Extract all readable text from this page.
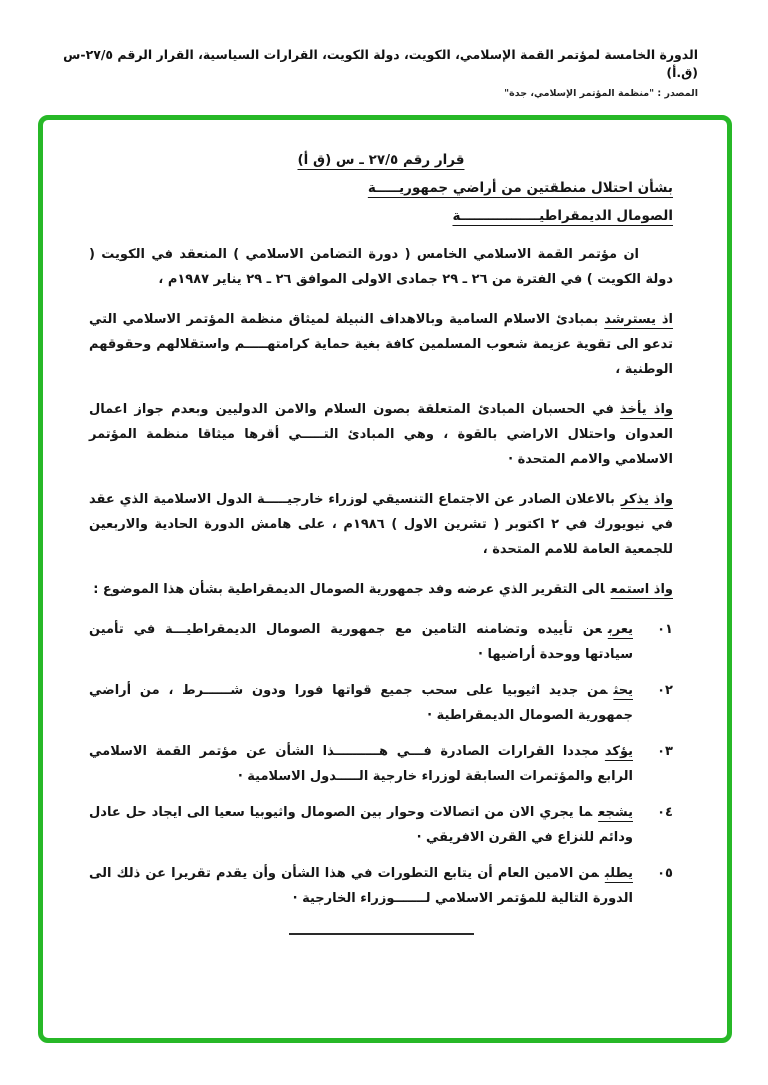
الدورة الخامسة لمؤتمر القمة الإسلامي، الكويت، دولة الكويت، القرارات السياسية، القرار الرقم ٢٧/٥-س (ق.أ)
المصدر : "منظمة المؤتمر الإسلامي، جدة"
قرار رقم ٢٧/٥ ـ س (ق أ)
بشأن احتلال منطقتين من أراضي جمهوريـــــة
الصومال الديمقراطيـــــــــــــــــة

ان مؤتمر القمة الاسلامي الخامس ( دورة التضامن الاسلامي ) المنعقد في الكويت ( دولة الكويت ) في الفترة من ٢٦ ـ ٢٩ جمادى الاولى الموافق ٢٦ ـ ٢٩ يناير ١٩٨٧م ،

اذ يسترشدبمبادئ الاسلام السامية وبالاهداف النبيلة لميثاق منظمة المؤتمر الاسلامي التي تدعو الى تقوية عزيمة شعوب المسلمين كافة بغية حماية كرامتهـــــم واستقلالهم وحقوقهم الوطنية ،

واذ يأخذفي الحسبان المبادئ المتعلقة بصون السلام والامن الدوليين وبعدم جواز اعمال العدوان واحتلال الاراضي بالقوة ، وهي المبادئ التـــــي أقرها ميثاقا منظمة المؤتمر الاسلامي والامم المتحدة ·

واذ يذكربالاعلان الصادر عن الاجتماع التنسيقي لوزراء خارجيـــــة الدول الاسلامية الذي عقد في نيويورك في ٢ اكتوبر ( تشرين الاول ) ١٩٨٦م ، على هامش الدورة الحادية والاربعين للجمعية العامة للامم المتحدة ،

واذ استمعالى التقرير الذي عرضه وفد جمهورية الصومال الديمقراطية بشأن هذا الموضوع :

٠١

يعربعن تأييده وتضامنه التامين مع جمهورية الصومال الديمقراطيـــة في تأمين سيادتها ووحدة أراضيها ·

٠٢

يحثمن جديد اثيوبيا على سحب جميع قواتها فورا ودون شــــــرط ، من أراضي جمهورية الصومال الديمقراطية ·

٠٣

يؤكدمجددا القرارات الصادرة فـــي هــــــــــذا الشأن عن مؤتمر القمة الاسلامي الرابع والمؤتمرات السابقة لوزراء خارجية الـــــدول الاسلامية ·

٠٤

يشجعما يجري الان من اتصالات وحوار بين الصومال واثيوبيا سعيا الى ايجاد حل عادل ودائم للنزاع في القرن الافريقي ·

٠٥

يطلبمن الامين العام أن يتابع التطورات في هذا الشأن وأن يقدم تقريرا عن ذلك الى الدورة التالية للمؤتمر الاسلامي لـــــــوزراء الخارجية ·
